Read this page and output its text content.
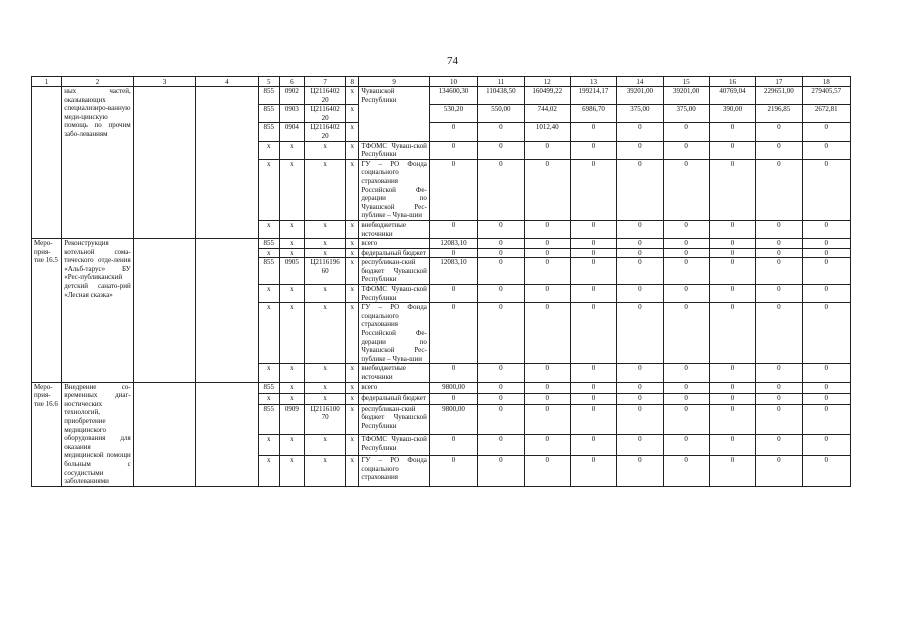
74
1	2	3	4	5	6	7	8	9	10	11	12	13	14	15	16	17	18
	ных частей, оказывающих специализиро-ванную меди-цинскую помощь по прочим забо-леваниям			855	0902	Ц2116402 20	х	Чувашской Республики	134600,30	110438,50	160499,22	199214,17	39201,00	39201,00	40769,04	229651,00	279405,57
				855	0903	Ц2116402 20	х		530,20	550,00	744,02	6986,70	375,00	375,00	390,00	2196,85	2672,81
				855	0904	Ц2116402 20	х		0	0	1012,40	0	0	0	0	0	0
				х	х	х	х	ТФОМС Чуваш-ской Республики	0	0	0	0	0	0	0	0	0
				х	х	х	х	ГУ – РО Фонда социального страхования Российской Фе-дерации по Чувашской Рес-публике – Чува-шии	0	0	0	0	0	0	0	0	0
				х	х	х	х	внебюджетные источники	0	0	0	0	0	0	0	0	0
Меро-прия-тие 16.5	Реконструкция котельной сома-тического отде-ления «Альб-тарус» БУ «Рес-публиканский детский санато-рий «Лесная сказка»			855	х	х	х	всего	12083,10	0	0	0	0	0	0	0	0
				х	х	х	х	федеральный бюджет	0	0	0	0	0	0	0	0	0
				855	0905	Ц2116196 60	х	республикан-ский бюджет Чувашской Республики	12083,10	0	0	0	0	0	0	0	0
				х	х	х	х	ТФОМС Чуваш-ской Республики	0	0	0	0	0	0	0	0	0
				х	х	х	х	ГУ – РО Фонда социального страхования Российской Фе-дерации по Чувашской Рес-публике – Чува-шии	0	0	0	0	0	0	0	0	0
				х	х	х	х	внебюджетные источники	0	0	0	0	0	0	0	0	0
Меро-прия-тие 16.6	Внедрение со-временных диаг-ностических технологий, приобретение медицинского оборудования для оказания медицинской помощи больным с сосудистыми заболеваниями			855	х	х	х	всего	9800,00	0	0	0	0	0	0	0	0
				х	х	х	х	федеральный бюджет	0	0	0	0	0	0	0	0	0
				855	0909	Ц2116100 70	х	республикан-ский бюджет Чувашской Республики	9800,00	0	0	0	0	0	0	0	0
				х	х	х	х	ТФОМС Чуваш-ской Республики	0	0	0	0	0	0	0	0	0
				х	х	х	х	ГУ – РО Фонда социального страхования	0	0	0	0	0	0	0	0	0
